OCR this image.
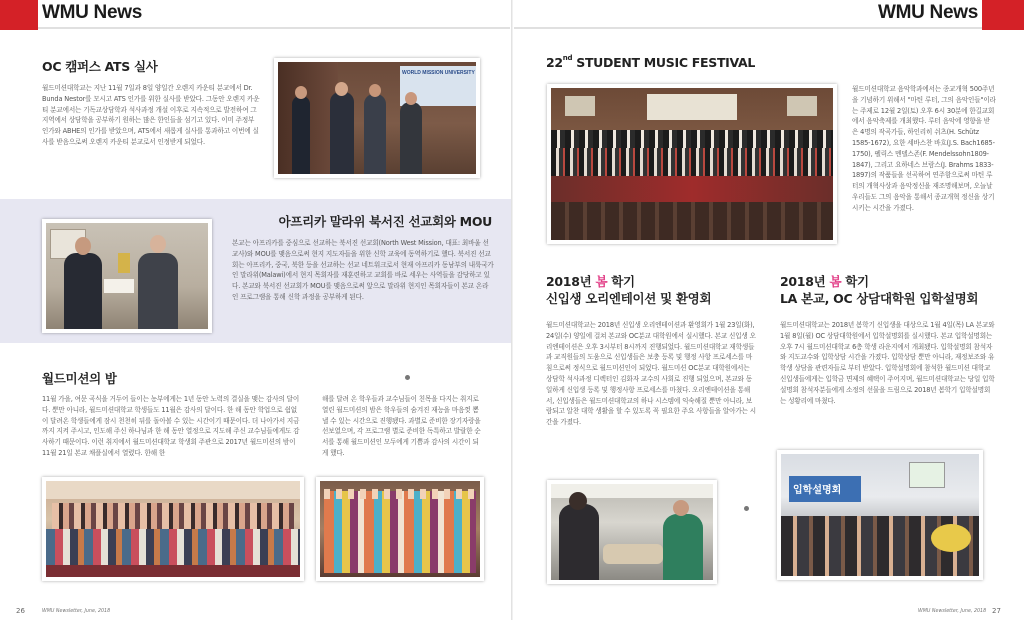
WMU News	WMU News
OC 캠퍼스 ATS 실사
월드미션대학교는 지난 11월 7일과 8일 양일간 오렌지 카운티 분교에서 Dr. Bunda Nestor를 모시고 ATS 인가를 위한 실사를 받았다. 그동안 오렌지 카운티 분교에서는 기독교상담학과 석사과정 개설 이후로 지속적으로 발전하여 그 지역에서 상담학을 공부하기 원하는 많은 한인들을 섬기고 있다. 이미 주정부 인가와 ABHE의 인가를 받았으며, ATS에서 새롭게 실사를 통과하고 이번에 실사를 받음으로써 오렌지 카운티 분교로서 인정받게 되었다.
WORLD MISSION UNIVERSITY
아프리카 말라위 북서진 선교회와 MOU
본교는 아프리카를 중심으로 선교하는 북서진 선교회(North West Mission, 대표: 최바울 선교사)와 MOU를 맺음으로써 현지 지도자들을 위한 신학 교육에 동역하기로 했다. 북서진 선교회는 아프리카, 중국, 북한 등을 선교하는 선교 네트워크로서 현재 아프리카 동남부의 내륙국가인 말라위(Malawi)에서 현지 목회자를 재훈련하고 교회를 바로 세우는 사역들을 감당하고 있다. 본교와 북서진 선교회가 MOU를 맺음으로써 앞으로 말라위 현지인 목회자들이 본교 온라인 프로그램을 통해 신학 과정을 공부하게 된다.
월드미션의 밤
11월 가을, 여문 곡식을 거두어 들이는 농부에게는 1년 동안 노력의 결실을 맺는 감사의 달이다. 뿐만 아니라, 월드미션대학교 학생들도 11월은 감사의 달이다. 한 해 동안 학업으로 쉼없이 달려온 학생들에게 잠시 천천히 뒤를 돌아볼 수 있는 시간이기 때문이다. 더 나아가서 지금까지 지켜 주시고, 인도해 주신 하나님과 한 해 동안 열정으로 지도해 주신 교수님들에게도 감사하기 때문이다. 이런 취지에서 월드미션대학교 학생회 주관으로 2017년 월드미션의 밤이 11월 21일 본교 채플실에서 열렸다. 한해 한
해를 달려 온 학우들과 교수님들이 친목을 다지는 취지로 열린 월드미션의 밤은 학우들의 숨겨진 재능을 마음껏 뽐낼 수 있는 시간으로 진행됐다. 과별로 준비한 장기자랑을 선보였으며, 각 프로그램 별로 준비한 독특하고 발랄한 순서를 통해 월드미션인 모두에게 기쁨과 감사의 시간이 되게 했다.
22nd STUDENT MUSIC FESTIVAL
월드미션대학교 음악학과에서는 종교개혁 500주년을 기념하기 위해서 "마틴 루터, 그의 음악인들"이라는 주제로 12월 2일(토) 오후 6시 30분에 한길교회에서 음악축제를 개최했다. 루터 음악에 영향을 받은 4명의 작곡가들, 하인리히 쉬츠(H. Schütz 1585-1672), 요한 세바스찬 바흐(J.S. Bach1685-1750), 펠릭스 멘델스존(F. Mendelssohn1809-1847), 그리고 요하네스 브람스(J. Brahms 1833-1897)의 작품들을 선곡하여 연주함으로써 마틴 루터의 개혁사상과 음악정신을 재조명해보며, 오늘날 우리들도 그의 음악을 통해서 종교개혁 정신을 상기시키는 시간을 가졌다.
2018년 봄 학기
신입생 오리엔테이션 및 환영회
월드미션대학교는 2018년 신입생 오리엔테이션과 환영회가 1월 23일(화), 24일(수) 양일에 걸쳐 본교와 OC분교 대학원에서 실시했다. 본교 신입생 오리엔테이션은 오후 3시부터 8시까지 진행되었다. 월드미션대학교 재학생들과 교직원들의 도움으로 신입생들은 보충 등록 및 행정 사항 프로세스를 마침으로써 정식으로 월드미션인이 되었다. 월드미션 OC분교 대학원에서는 상담학 석사과정 디렉터인 김화자 교수의 사회로 진행 되었으며, 본교와 동일하게 신입생 등록 및 행정사항 프로세스를 마쳤다. 오리엔테이션을 통해서, 신입생들은 월드미션대학교의 하나 시스템에 익숙해질 뿐만 아니라, 보람되고 알찬 대학 생활을 할 수 있도록 꼭 필요한 주요 사항들을 알아가는 시간을 가졌다.
2018년 봄 학기
LA 본교, OC 상담대학원 입학설명회
월드미션대학교는 2018년 봄학기 신입생을 대상으로 1월 4일(목) LA 본교와 1월 8일(월) OC 상담대학원에서 입학설명회를 실시했다. 본교 입학설명회는 오후 7시 월드미션대학교 6층 학생 라운지에서 개최됐다. 입학설명회 참석자와 지도교수와 입학상담 시간을 가졌다. 입학상담 뿐만 아니라, 재정보조와 유학생 상담을 관련자들로 부터 받았다. 입학설명회에 참석한 월드미션 대학교 신입생들에게는 입학금 면제의 혜택이 주어지며, 월드미션대학교는 당일 입학설명회 참석자분들에게 소정의 선물을 드림으로 2018년 봄학기 입학설명회는 성황리에 마쳤다.
입학설명회
26	WMU Newsletter, June, 2018	WMU Newsletter, June, 2018 27
